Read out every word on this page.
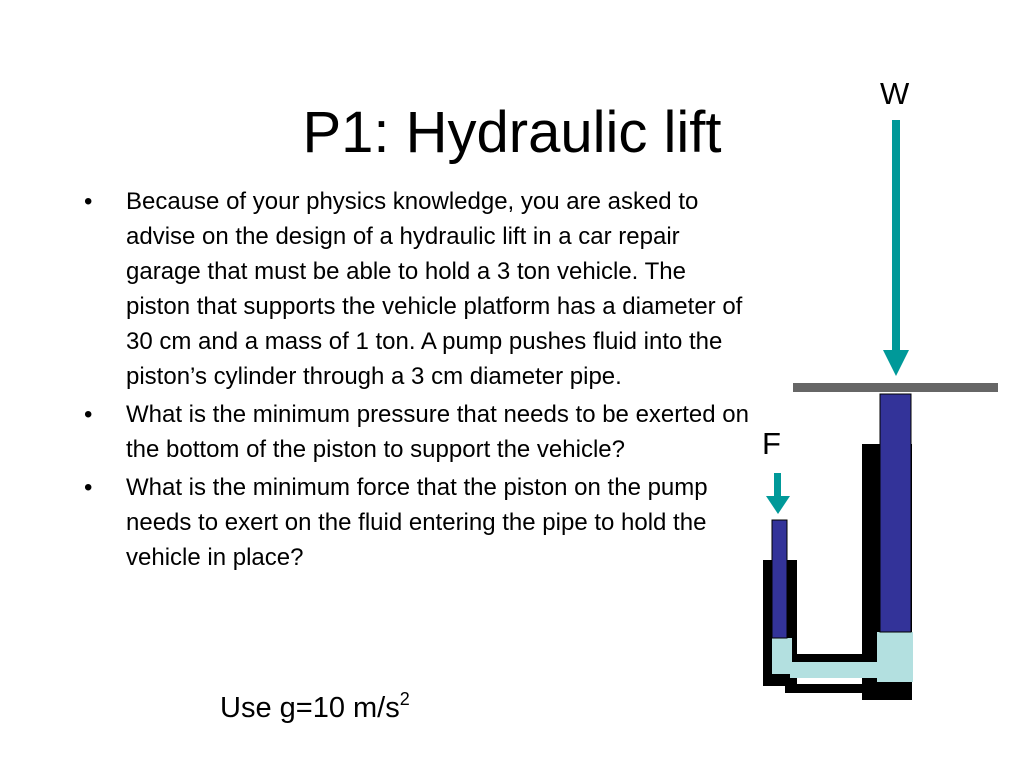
P1: Hydraulic lift
• Because of your physics knowledge, you are asked to advise on the design of a hydraulic lift in a car repair garage that must be able to hold a 3 ton vehicle. The piston that supports the vehicle platform has a diameter of 30 cm and a mass of 1 ton. A pump pushes fluid into the piston’s cylinder through a 3 cm diameter pipe.
• What is the minimum pressure that needs to be exerted on the bottom of the piston to support the vehicle?
• What is the minimum force that the piston on the pump needs to exert on the fluid entering the pipe to hold the vehicle in place?
Use g=10 $m/s^2$
W
F
